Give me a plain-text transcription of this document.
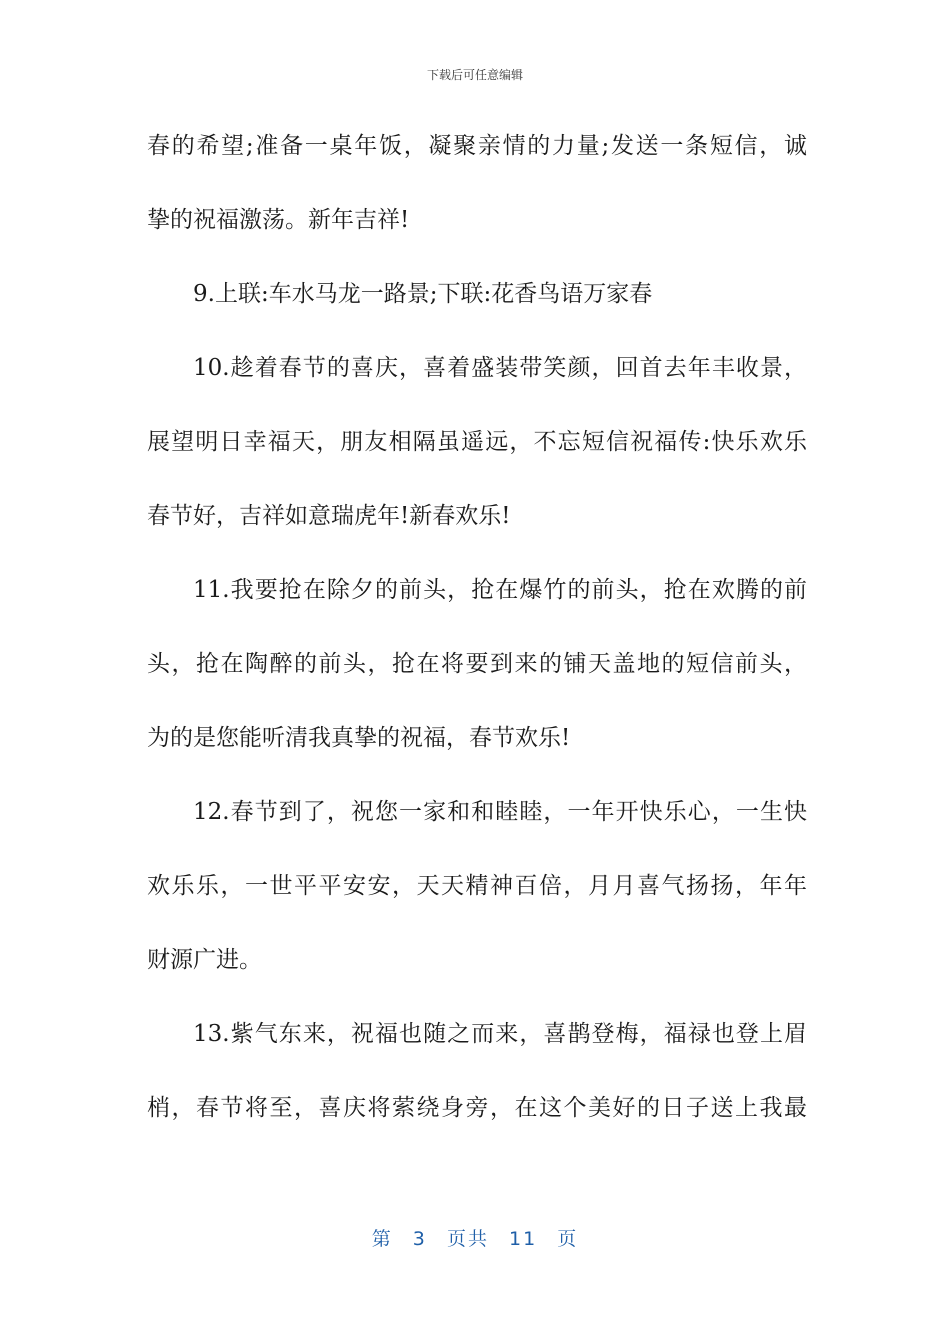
下载后可任意编辑
春的希望;准备一桌年饭，凝聚亲情的力量;发送一条短信，诚
挚的祝福激荡。新年吉祥!
9.上联:车水马龙一路景;下联:花香鸟语万家春
10.趁着春节的喜庆，喜着盛装带笑颜，回首去年丰收景，
展望明日幸福天，朋友相隔虽遥远，不忘短信祝福传:快乐欢乐
春节好，吉祥如意瑞虎年!新春欢乐!
11.我要抢在除夕的前头，抢在爆竹的前头，抢在欢腾的前
头，抢在陶醉的前头，抢在将要到来的铺天盖地的短信前头，
为的是您能听清我真挚的祝福，春节欢乐!
12.春节到了，祝您一家和和睦睦，一年开快乐心，一生快
欢乐乐，一世平平安安，天天精神百倍，月月喜气扬扬，年年
财源广进。
13.紫气东来，祝福也随之而来，喜鹊登梅，福禄也登上眉
梢，春节将至，喜庆将萦绕身旁，在这个美好的日子送上我最
第 3 页共 11 页
